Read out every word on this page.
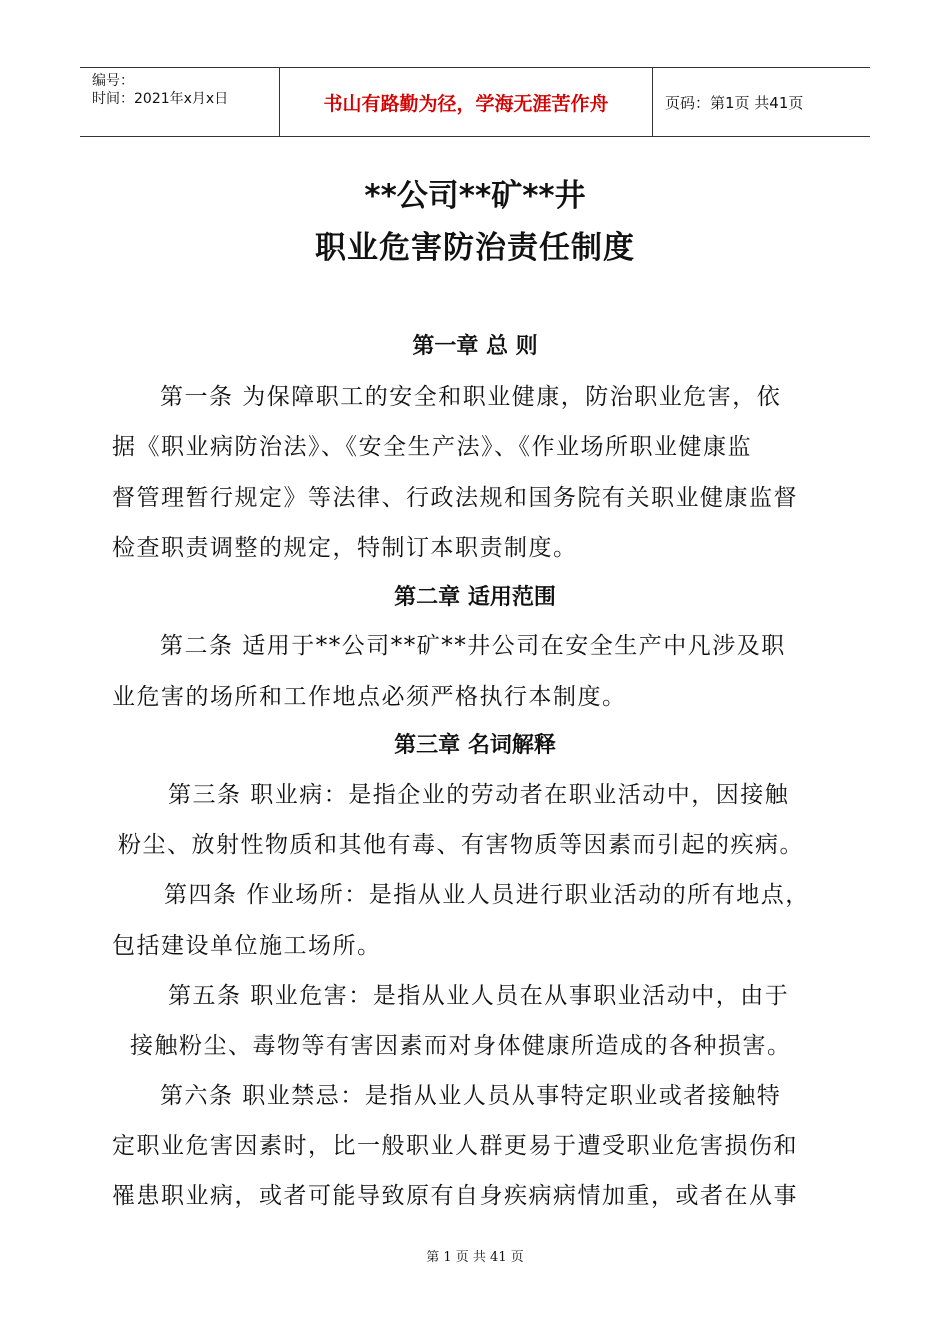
编号：
时间：2021年x月x日	书山有路勤为径，学海无涯苦作舟	页码：第1页 共41页
**公司**矿**井
职业危害防治责任制度
第一章 总 则
第一条 为保障职工的安全和职业健康，防治职业危害，依
据《职业病防治法》、《安全生产法》、《作业场所职业健康监
督管理暂行规定》等法律、行政法规和国务院有关职业健康监督
检查职责调整的规定，特制订本职责制度。
第二章 适用范围
第二条 适用于**公司**矿**井公司在安全生产中凡涉及职
业危害的场所和工作地点必须严格执行本制度。
第三章 名词解释
第三条 职业病：是指企业的劳动者在职业活动中，因接触
粉尘、放射性物质和其他有毒、有害物质等因素而引起的疾病。
第四条 作业场所：是指从业人员进行职业活动的所有地点，
包括建设单位施工场所。
第五条 职业危害：是指从业人员在从事职业活动中，由于
接触粉尘、毒物等有害因素而对身体健康所造成的各种损害。
第六条 职业禁忌：是指从业人员从事特定职业或者接触特
定职业危害因素时，比一般职业人群更易于遭受职业危害损伤和
罹患职业病，或者可能导致原有自身疾病病情加重，或者在从事
第 1 页 共 41 页
